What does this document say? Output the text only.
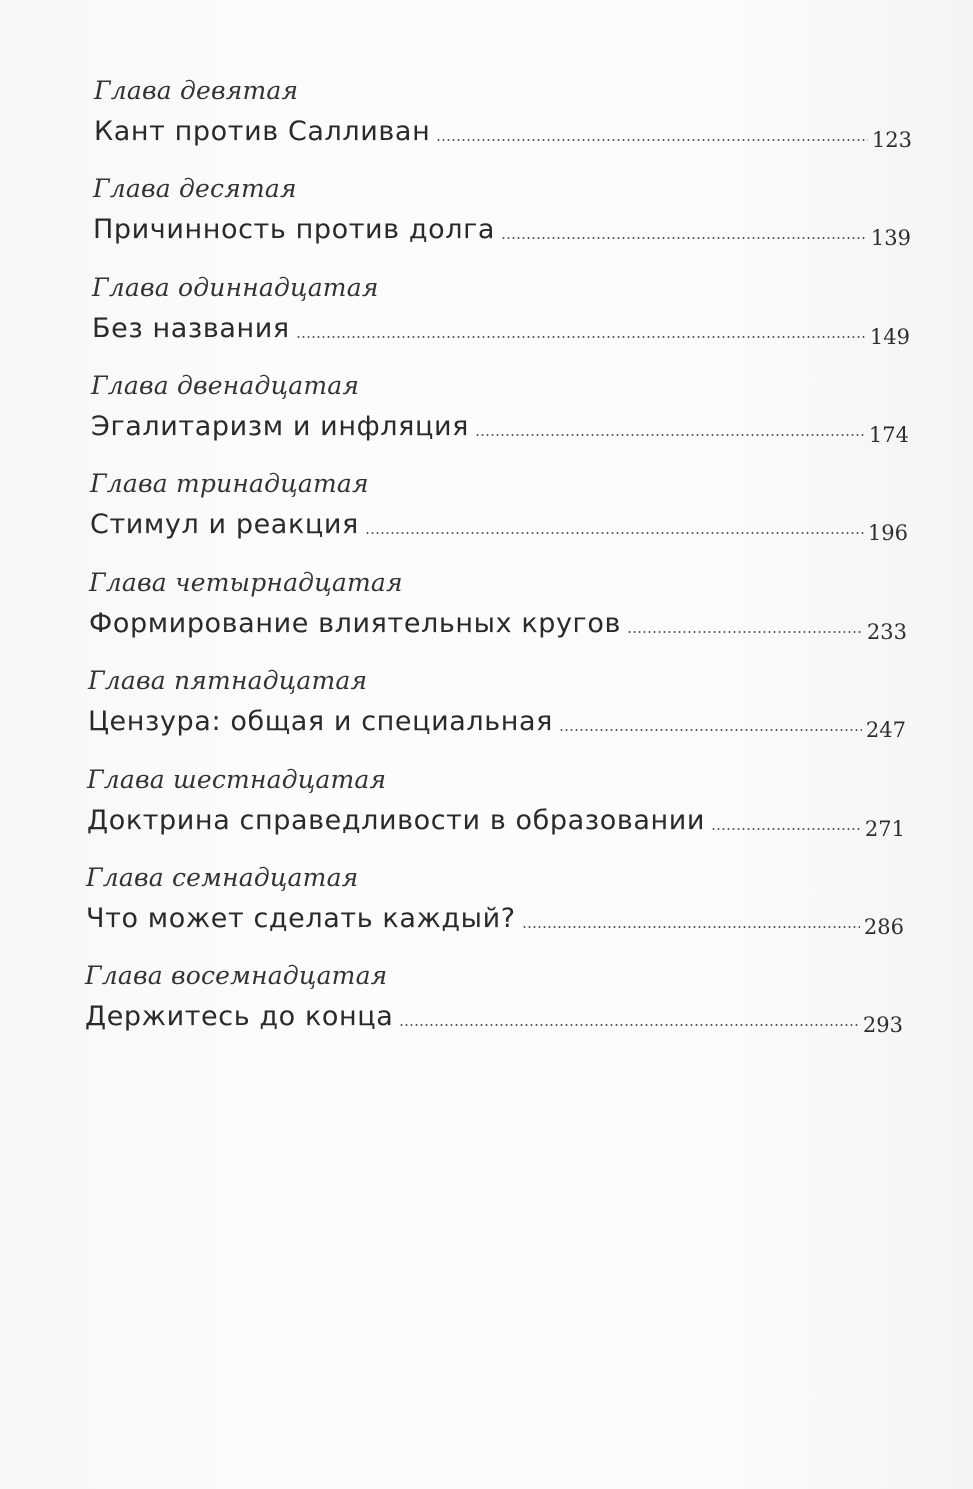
Глава девятая
Кант против Салливан	123
Глава десятая
Причинность против долга	139
Глава одиннадцатая
Без названия	149
Глава двенадцатая
Эгалитаризм и инфляция	174
Глава тринадцатая
Стимул и реакция	196
Глава четырнадцатая
Формирование влиятельных кругов	233
Глава пятнадцатая
Цензура: общая и специальная	247
Глава шестнадцатая
Доктрина справедливости в образовании	271
Глава семнадцатая
Что может сделать каждый?	286
Глава восемнадцатая
Держитесь до конца	293
